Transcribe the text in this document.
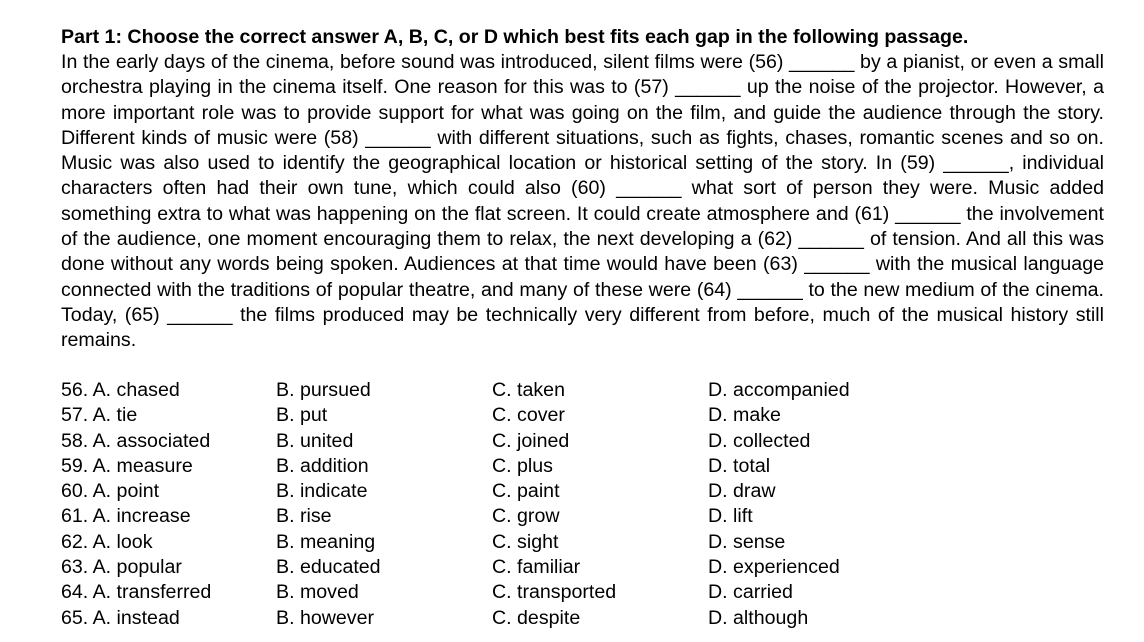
Part 1: Choose the correct answer A, B, C, or D which best fits each gap in the following passage.

In the early days of the cinema, before sound was introduced, silent films were (56) ______ by a pianist, or even a small orchestra playing in the cinema itself. One reason for this was to (57) ______ up the noise of the projector. However, a more important role was to provide support for what was going on the film, and guide the audience through the story. Different kinds of music were (58) ______ with different situations, such as fights, chases, romantic scenes and so on. Music was also used to identify the geographical location or historical setting of the story. In (59) ______, individual characters often had their own tune, which could also (60) ______ what sort of person they were. Music added something extra to what was happening on the flat screen. It could create atmosphere and (61) ______ the involvement of the audience, one moment encouraging them to relax, the next developing a (62) ______ of tension. And all this was done without any words being spoken. Audiences at that time would have been (63) ______ with the musical language connected with the traditions of popular theatre, and many of these were (64) ______ to the new medium of the cinema. Today, (65) ______ the films produced may be technically very different from before, much of the musical history still remains.

56. A. chased	B. pursued	C. taken	D. accompanied
57. A. tie	B. put	C. cover	D. make
58. A. associated	B. united	C. joined	D. collected
59. A. measure	B. addition	C. plus	D. total
60. A. point	B. indicate	C. paint	D. draw
61. A. increase	B. rise	C. grow	D. lift
62. A. look	B. meaning	C. sight	D. sense
63. A. popular	B. educated	C. familiar	D. experienced
64. A. transferred	B. moved	C. transported	D. carried
65. A. instead	B. however	C. despite	D. although
